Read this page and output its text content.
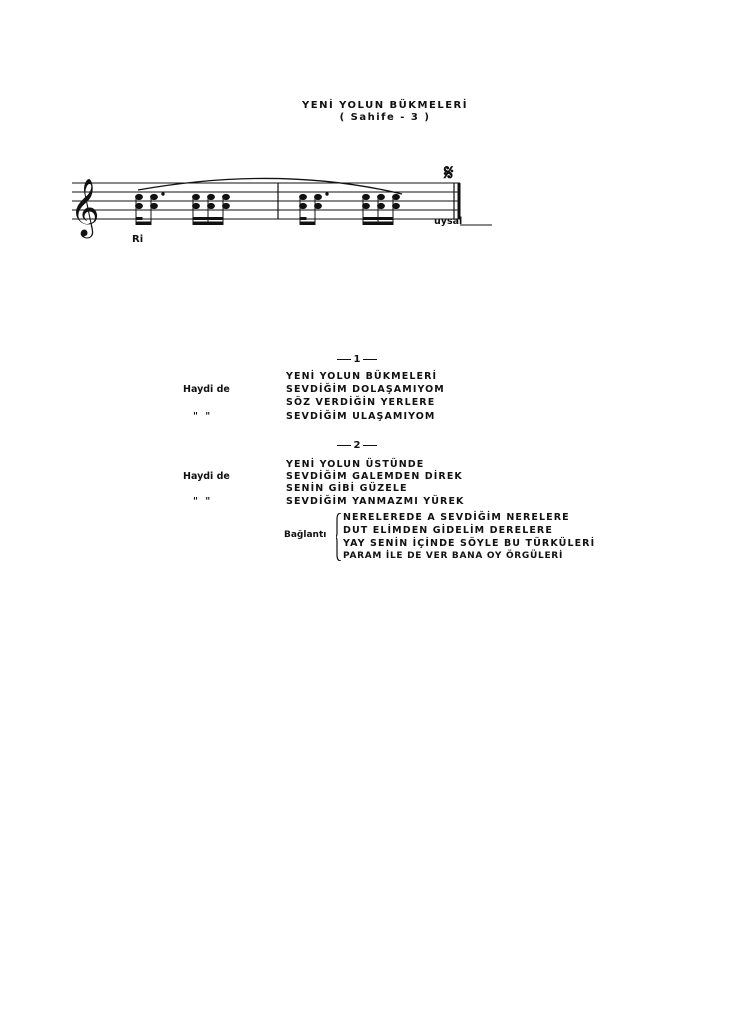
YENİ YOLUN BÜKMELERİ
( Sahife - 3 )
𝄞
𝄋
Ri
uysal
1
YENİ YOLUN BÜKMELERİ
Haydi de	SEVDİĞİM DOLAŞAMIYOM
SÖZ VERDİĞİN YERLERE
" "	SEVDİĞİM ULAŞAMIYOM
2
YENİ YOLUN ÜSTÜNDE
Haydi de	SEVDİĞİM GALEMDEN DİREK
SENİN GİBİ GÜZELE
" "	SEVDİĞİM YANMAZMI YÜREK
Bağlantı
NERELEREDE A SEVDİĞİM NERELERE
DUT ELİMDEN GİDELİM DERELERE
YAY SENİN İÇİNDE SÖYLE BU TÜRKÜLERİ
PARAM İLE DE VER BANA OY ÖRGÜLERİ
